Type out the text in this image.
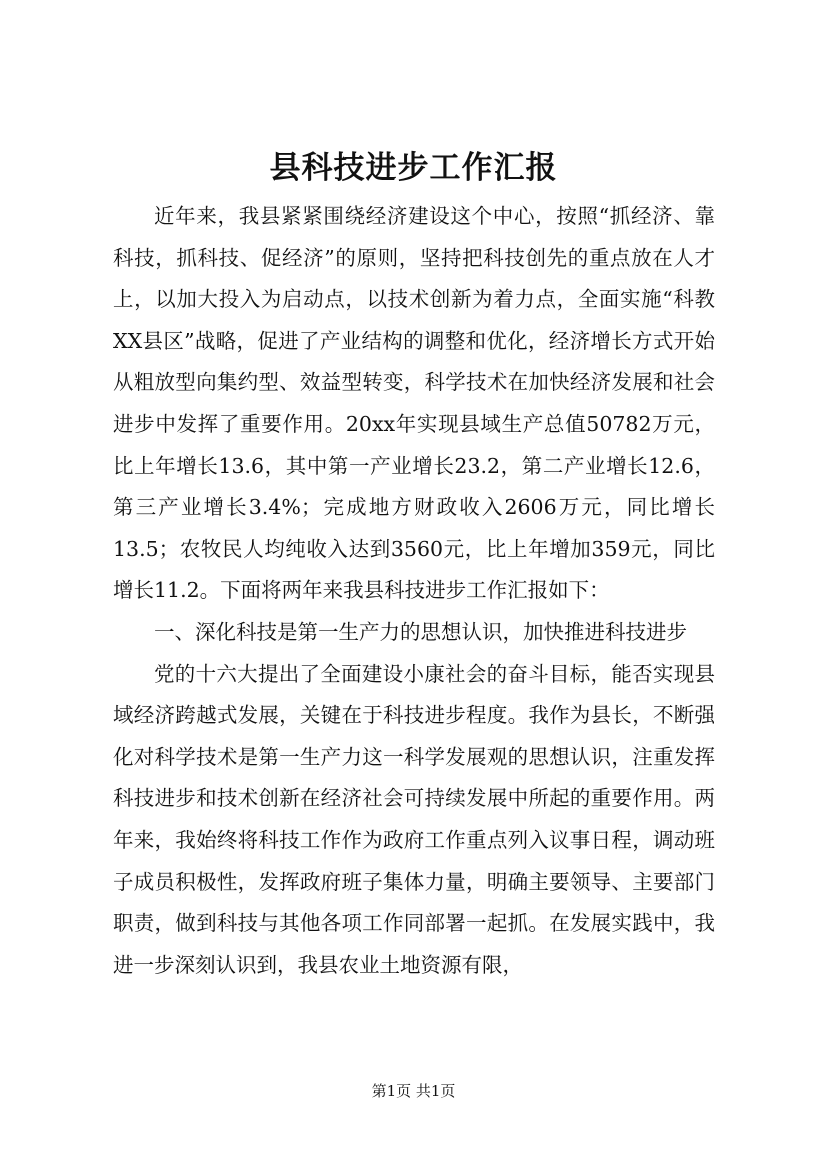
县科技进步工作汇报

近年来，我县紧紧围绕经济建设这个中心，按照“抓经济、靠科技，抓科技、促经济”的原则，坚持把科技创先的重点放在人才上，以加大投入为启动点，以技术创新为着力点，全面实施“科教XX县区”战略，促进了产业结构的调整和优化，经济增长方式开始从粗放型向集约型、效益型转变，科学技术在加快经济发展和社会进步中发挥了重要作用。20xx年实现县域生产总值50782万元，比上年增长13.6，其中第一产业增长23.2，第二产业增长12.6，第三产业增长3.4%；完成地方财政收入2606万元，同比增长13.5；农牧民人均纯收入达到3560元，比上年增加359元，同比增长11.2。下面将两年来我县科技进步工作汇报如下：

一、深化科技是第一生产力的思想认识，加快推进科技进步

党的十六大提出了全面建设小康社会的奋斗目标，能否实现县域经济跨越式发展，关键在于科技进步程度。我作为县长，不断强化对科学技术是第一生产力这一科学发展观的思想认识，注重发挥科技进步和技术创新在经济社会可持续发展中所起的重要作用。两年来，我始终将科技工作作为政府工作重点列入议事日程，调动班子成员积极性，发挥政府班子集体力量，明确主要领导、主要部门职责，做到科技与其他各项工作同部署一起抓。在发展实践中，我进一步深刻认识到，我县农业土地资源有限，

第1页 共1页
